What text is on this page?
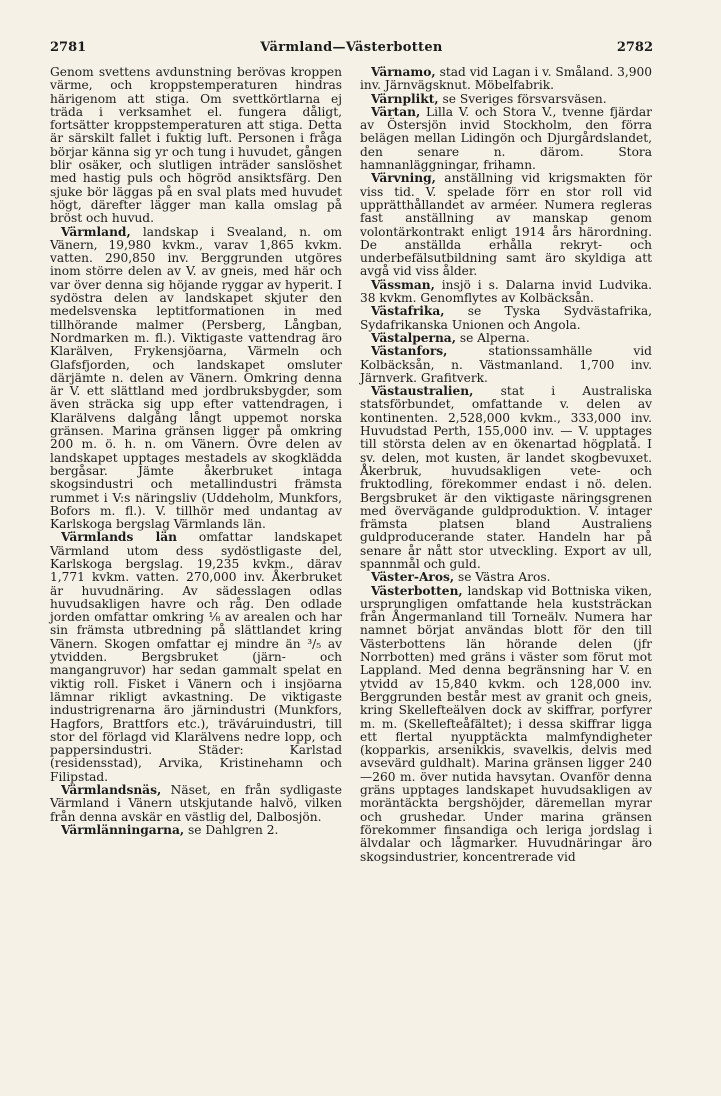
2781	Värmland—Västerbotten	2782

Genom svettens avdunstning berövas kroppen värme, och kroppstemperaturen hindras härigenom att stiga. Om svettkörtlarna ej träda i verksamhet el. fungera dåligt, fortsätter kroppstemperaturen att stiga. Detta är särskilt fallet i fuktig luft. Personen i fråga börjar känna sig yr och tung i huvudet, gången blir osäker, och slutligen inträder sanslöshet med hastig puls och högröd ansiktsfärg. Den sjuke bör läggas på en sval plats med huvudet högt, därefter lägger man kalla omslag på bröst och huvud.

Värmland, landskap i Svealand, n. om Vänern, 19,980 kvkm., varav 1,865 kvkm. vatten. 290,850 inv. Berggrunden utgöres inom större delen av V. av gneis, med här och var över denna sig höjande ryggar av hyperit. I sydöstra delen av landskapet skjuter den medelsvenska leptitformationen in med tillhörande malmer (Persberg, Långban, Nordmarken m. fl.). Viktigaste vattendrag äro Klarälven, Frykensjöarna, Värmeln och Glafsfjorden, och landskapet omsluter därjämte n. delen av Vänern. Omkring denna är V. ett slättland med jordbruksbygder, som även sträcka sig upp efter vattendragen, i Klarälvens dalgång långt uppemot norska gränsen. Marina gränsen ligger på omkring 200 m. ö. h. n. om Vänern. Övre delen av landskapet upptages mestadels av skogklädda bergåsar. Jämte åkerbruket intaga skogsindustri och metallindustri främsta rummet i V:s näringsliv (Uddeholm, Munkfors, Bofors m. fl.). V. tillhör med undantag av Karlskoga bergslag Värmlands län.

Värmlands län omfattar landskapet Värmland utom dess sydöstligaste del, Karlskoga bergslag. 19,235 kvkm., därav 1,771 kvkm. vatten. 270,000 inv. Åkerbruket är huvudnäring. Av sädesslagen odlas huvudsakligen havre och råg. Den odlade jorden omfattar omkring ⅛ av arealen och har sin främsta utbredning på slättlandet kring Vänern. Skogen omfattar ej mindre än ³/₅ av ytvidden. Bergsbruket (järn- och mangangruvor) har sedan gammalt spelat en viktig roll. Fisket i Vänern och i insjöarna lämnar rikligt avkastning. De viktigaste industrigrenarna äro järnindustri (Munkfors, Hagfors, Brattfors etc.), träváruindustri, till stor del förlagd vid Klarälvens nedre lopp, och pappersindustri. Städer: Karlstad (residensstad), Arvika, Kristinehamn och Filipstad.

Värmlandsnäs, Näset, en från sydligaste Värmland i Vänern utskjutande halvö, vilken från denna avskär en västlig del, Dalbosjön.

Värmlänningarna, se Dahlgren 2.

Värnamo, stad vid Lagan i v. Småland. 3,900 inv. Järnvägsknut. Möbelfabrik.

Värnplikt, se Sveriges försvarsväsen.

Värtan, Lilla V. och Stora V., tvenne fjärdar av Östersjön invid Stockholm, den förra belägen mellan Lidingön och Djurgårdslandet, den senare n. därom. Stora hamnanläggningar, frihamn.

Värvning, anställning vid krigsmakten för viss tid. V. spelade förr en stor roll vid upprätthållandet av arméer. Numera regleras fast anställning av manskap genom volontärkontrakt enligt 1914 års härordning. De anställda erhålla rekryt- och underbefälsutbildning samt äro skyldiga att avgå vid viss ålder.

Vässman, insjö i s. Dalarna invid Ludvika. 38 kvkm. Genomflytes av Kolbäcksån.

Västafrika, se Tyska Sydvästafrika, Sydafrikanska Unionen och Angola.

Västalperna, se Alperna.

Västanfors, stationssamhälle vid Kolbäcksån, n. Västmanland. 1,700 inv. Järnverk. Grafitverk.

Västaustralien, stat i Australiska statsförbundet, omfattande v. delen av kontinenten. 2,528,000 kvkm., 333,000 inv. Huvudstad Perth, 155,000 inv. — V. upptages till största delen av en ökenartad högplatå. I sv. delen, mot kusten, är landet skogbevuxet. Åkerbruk, huvudsakligen vete- och fruktodling, förekommer endast i nö. delen. Bergsbruket är den viktigaste näringsgrenen med övervägande guldproduktion. V. intager främsta platsen bland Australiens guldproducerande stater. Handeln har på senare år nått stor utveckling. Export av ull, spannmål och guld.

Väster-Aros, se Västra Aros.

Västerbotten, landskap vid Bottniska viken, ursprungligen omfattande hela kuststräckan från Ångermanland till Torneälv. Numera har namnet börjat användas blott för den till Västerbottens län hörande delen (jfr Norrbotten) med gräns i väster som förut mot Lappland. Med denna begränsning har V. en ytvidd av 15,840 kvkm. och 128,000 inv. Berggrunden består mest av granit och gneis, kring Skellefteälven dock av skiffrar, porfyrer m. m. (Skellefteåfältet); i dessa skiffrar ligga ett flertal nyupptäckta malmfyndigheter (kopparkis, arsenikkis, svavelkis, delvis med avsevärd guldhalt). Marina gränsen ligger 240—260 m. över nutida havsytan. Ovanför denna gräns upptages landskapet huvudsakligen av moräntäckta bergshöjder, däremellan myrar och grushedar. Under marina gränsen förekommer finsandiga och leriga jordslag i älvdalar och lågmarker. Huvudnäringar äro skogsindustrier, koncentrerade vid
